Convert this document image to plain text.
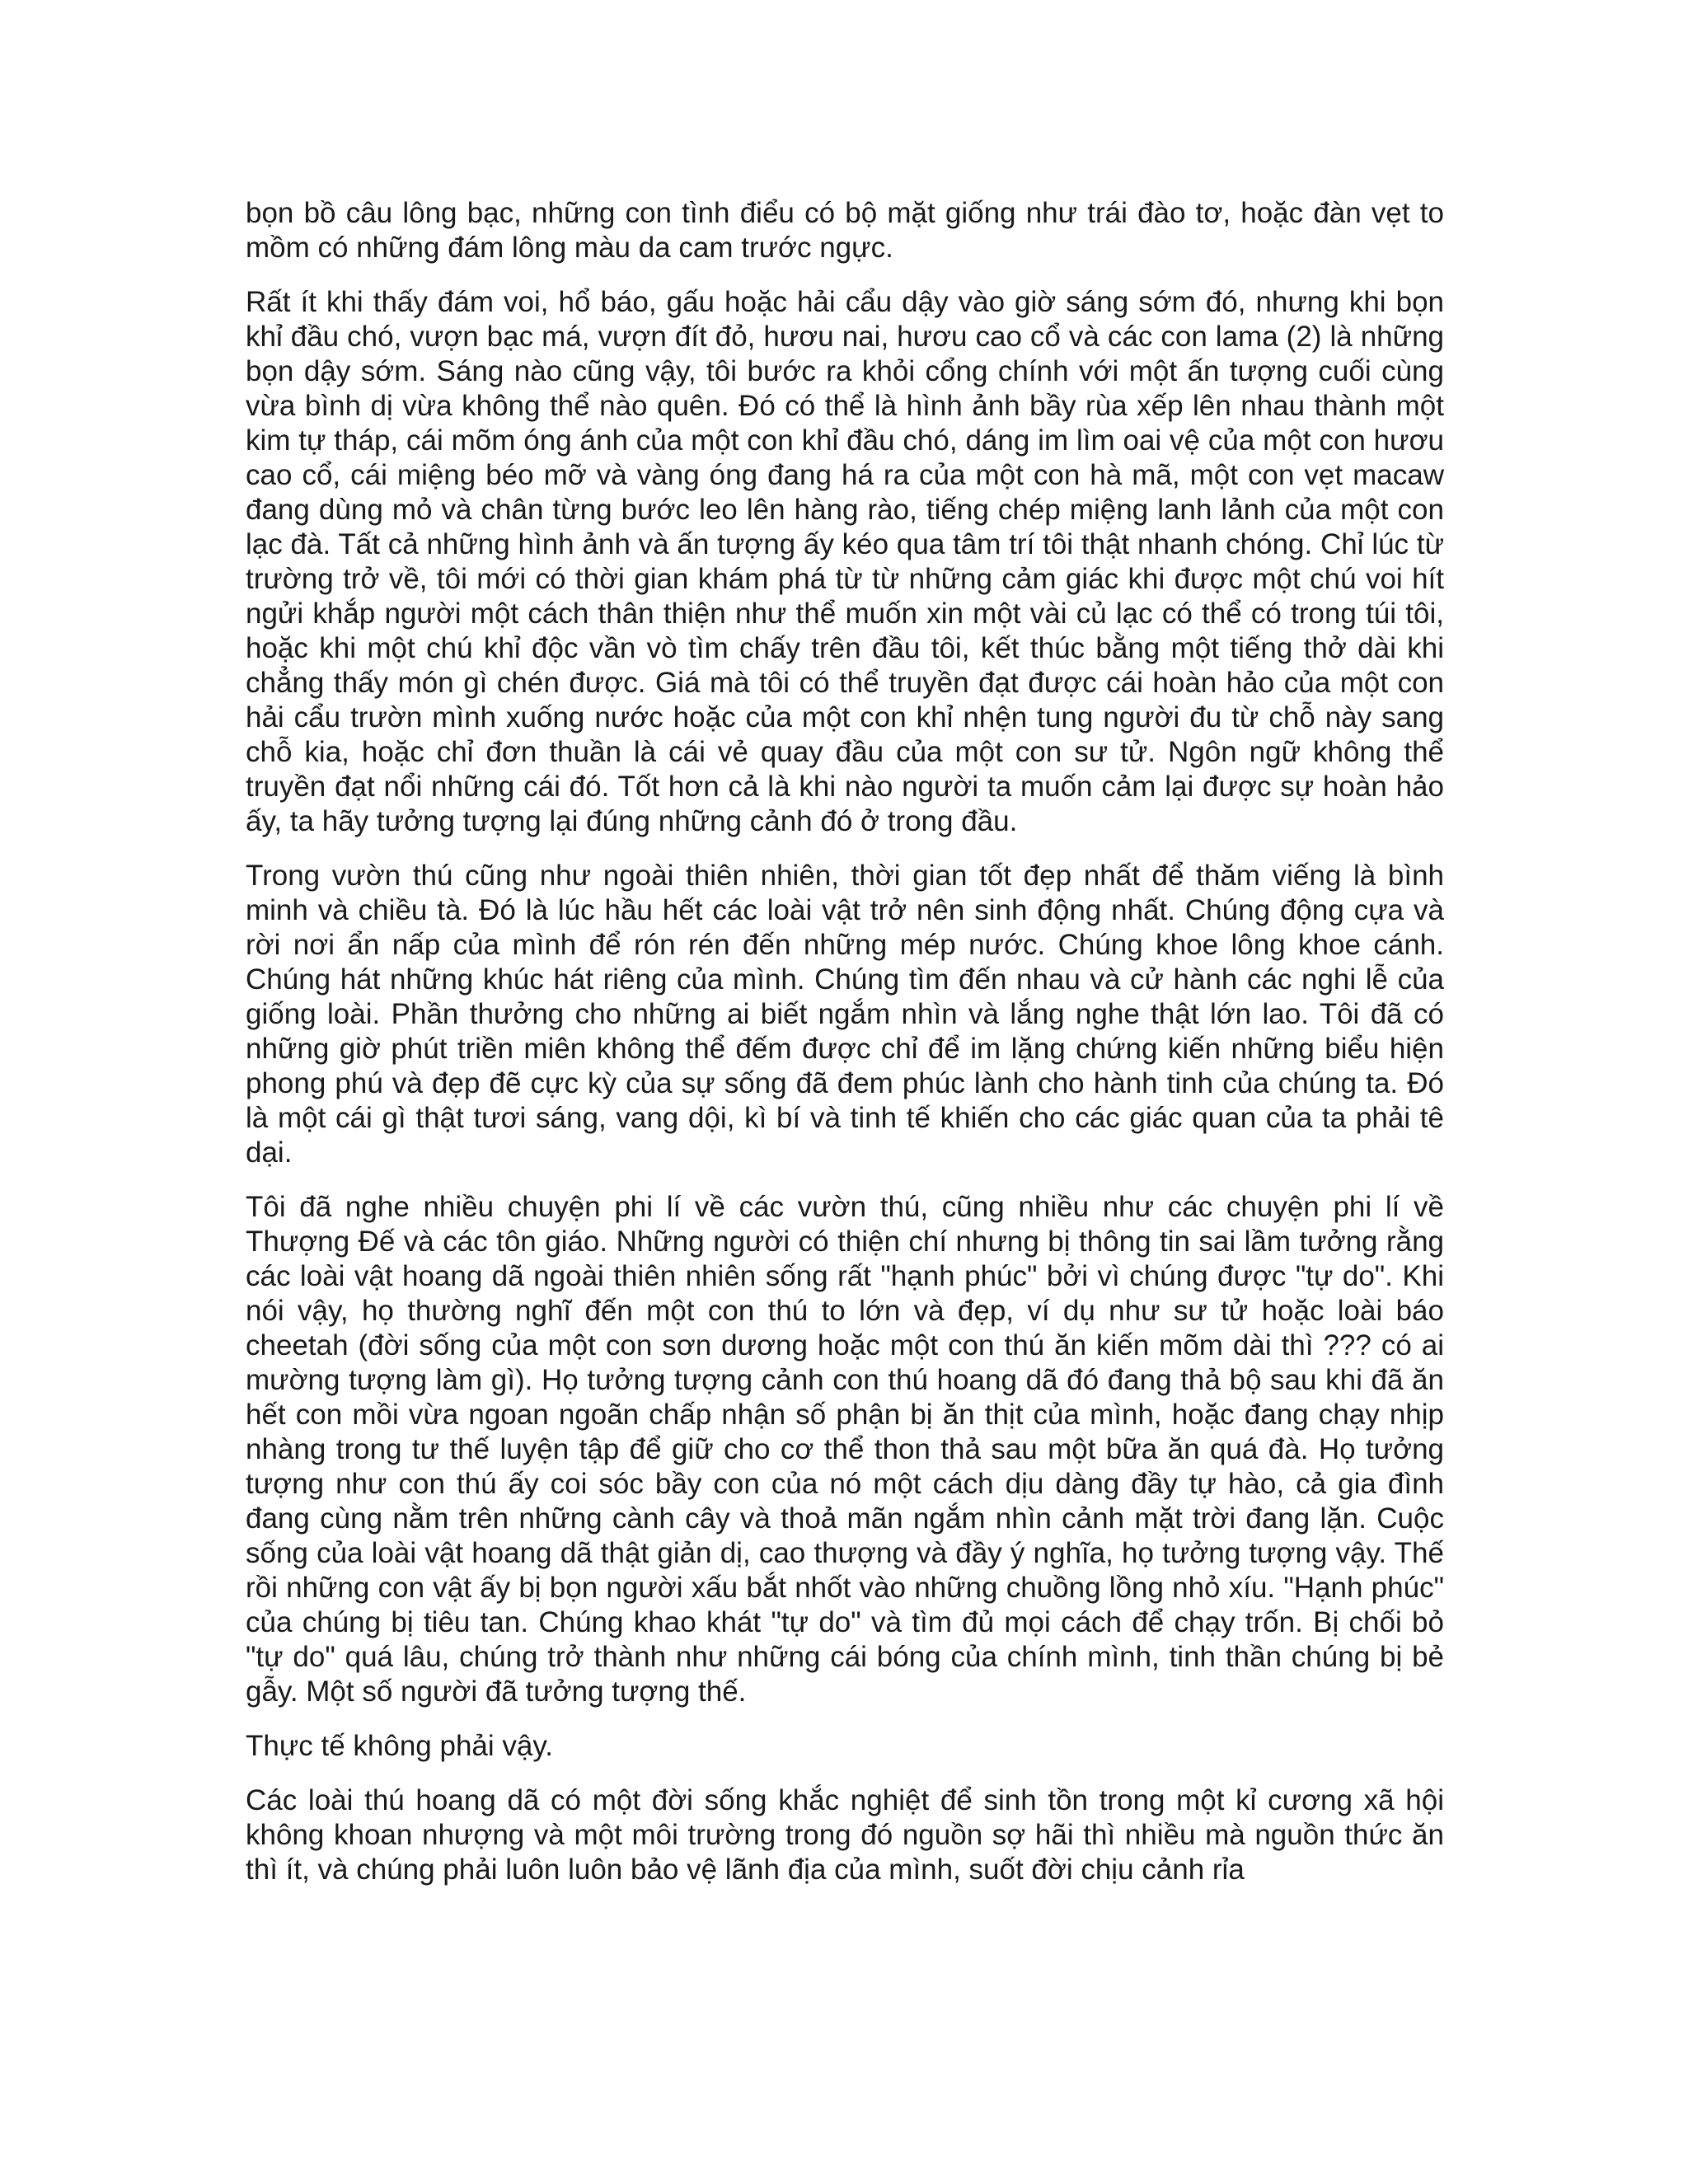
bọn bồ câu lông bạc, những con tình điểu có bộ mặt giống như trái đào tơ, hoặc đàn vẹt to mồm có những đám lông màu da cam trước ngực.

Rất ít khi thấy đám voi, hổ báo, gấu hoặc hải cẩu dậy vào giờ sáng sớm đó, nhưng khi bọn khỉ đầu chó, vượn bạc má, vượn đít đỏ, hươu nai, hươu cao cổ và các con lama (2) là những bọn dậy sớm. Sáng nào cũng vậy, tôi bước ra khỏi cổng chính với một ấn tượng cuối cùng vừa bình dị vừa không thể nào quên. Đó có thể là hình ảnh bầy rùa xếp lên nhau thành một kim tự tháp, cái mõm óng ánh của một con khỉ đầu chó, dáng im lìm oai vệ của một con hươu cao cổ, cái miệng béo mỡ và vàng óng đang há ra của một con hà mã, một con vẹt macaw đang dùng mỏ và chân từng bước leo lên hàng rào, tiếng chép miệng lanh lảnh của một con lạc đà. Tất cả những hình ảnh và ấn tượng ấy kéo qua tâm trí tôi thật nhanh chóng. Chỉ lúc từ trường trở về, tôi mới có thời gian khám phá từ từ những cảm giác khi được một chú voi hít ngửi khắp người một cách thân thiện như thể muốn xin một vài củ lạc có thể có trong túi tôi, hoặc khi một chú khỉ độc vần vò tìm chấy trên đầu tôi, kết thúc bằng một tiếng thở dài khi chẳng thấy món gì chén được. Giá mà tôi có thể truyền đạt được cái hoàn hảo của một con hải cẩu trườn mình xuống nước hoặc của một con khỉ nhện tung người đu từ chỗ này sang chỗ kia, hoặc chỉ đơn thuần là cái vẻ quay đầu của một con sư tử. Ngôn ngữ không thể truyền đạt nổi những cái đó. Tốt hơn cả là khi nào người ta muốn cảm lại được sự hoàn hảo ấy, ta hãy tưởng tượng lại đúng những cảnh đó ở trong đầu.

Trong vườn thú cũng như ngoài thiên nhiên, thời gian tốt đẹp nhất để thăm viếng là bình minh và chiều tà. Đó là lúc hầu hết các loài vật trở nên sinh động nhất. Chúng động cựa và rời nơi ẩn nấp của mình để rón rén đến những mép nước. Chúng khoe lông khoe cánh. Chúng hát những khúc hát riêng của mình. Chúng tìm đến nhau và cử hành các nghi lễ của giống loài. Phần thưởng cho những ai biết ngắm nhìn và lắng nghe thật lớn lao. Tôi đã có những giờ phút triền miên không thể đếm được chỉ để im lặng chứng kiến những biểu hiện phong phú và đẹp đẽ cực kỳ của sự sống đã đem phúc lành cho hành tinh của chúng ta. Đó là một cái gì thật tươi sáng, vang dội, kì bí và tinh tế khiến cho các giác quan của ta phải tê dại.

Tôi đã nghe nhiều chuyện phi lí về các vườn thú, cũng nhiều như các chuyện phi lí về Thượng Đế và các tôn giáo. Những người có thiện chí nhưng bị thông tin sai lầm tưởng rằng các loài vật hoang dã ngoài thiên nhiên sống rất "hạnh phúc" bởi vì chúng được "tự do". Khi nói vậy, họ thường nghĩ đến một con thú to lớn và đẹp, ví dụ như sư tử hoặc loài báo cheetah (đời sống của một con sơn dương hoặc một con thú ăn kiến mõm dài thì ??? có ai mường tượng làm gì). Họ tưởng tượng cảnh con thú hoang dã đó đang thả bộ sau khi đã ăn hết con mồi vừa ngoan ngoãn chấp nhận số phận bị ăn thịt của mình, hoặc đang chạy nhịp nhàng trong tư thế luyện tập để giữ cho cơ thể thon thả sau một bữa ăn quá đà. Họ tưởng tượng như con thú ấy coi sóc bầy con của nó một cách dịu dàng đầy tự hào, cả gia đình đang cùng nằm trên những cành cây và thoả mãn ngắm nhìn cảnh mặt trời đang lặn. Cuộc sống của loài vật hoang dã thật giản dị, cao thượng và đầy ý nghĩa, họ tưởng tượng vậy. Thế rồi những con vật ấy bị bọn người xấu bắt nhốt vào những chuồng lồng nhỏ xíu. "Hạnh phúc" của chúng bị tiêu tan. Chúng khao khát "tự do" và tìm đủ mọi cách để chạy trốn. Bị chối bỏ "tự do" quá lâu, chúng trở thành như những cái bóng của chính mình, tinh thần chúng bị bẻ gẫy. Một số người đã tưởng tượng thế.

Thực tế không phải vậy.

Các loài thú hoang dã có một đời sống khắc nghiệt để sinh tồn trong một kỉ cương xã hội không khoan nhượng và một môi trường trong đó nguồn sợ hãi thì nhiều mà nguồn thức ăn thì ít, và chúng phải luôn luôn bảo vệ lãnh địa của mình, suốt đời chịu cảnh rỉa
